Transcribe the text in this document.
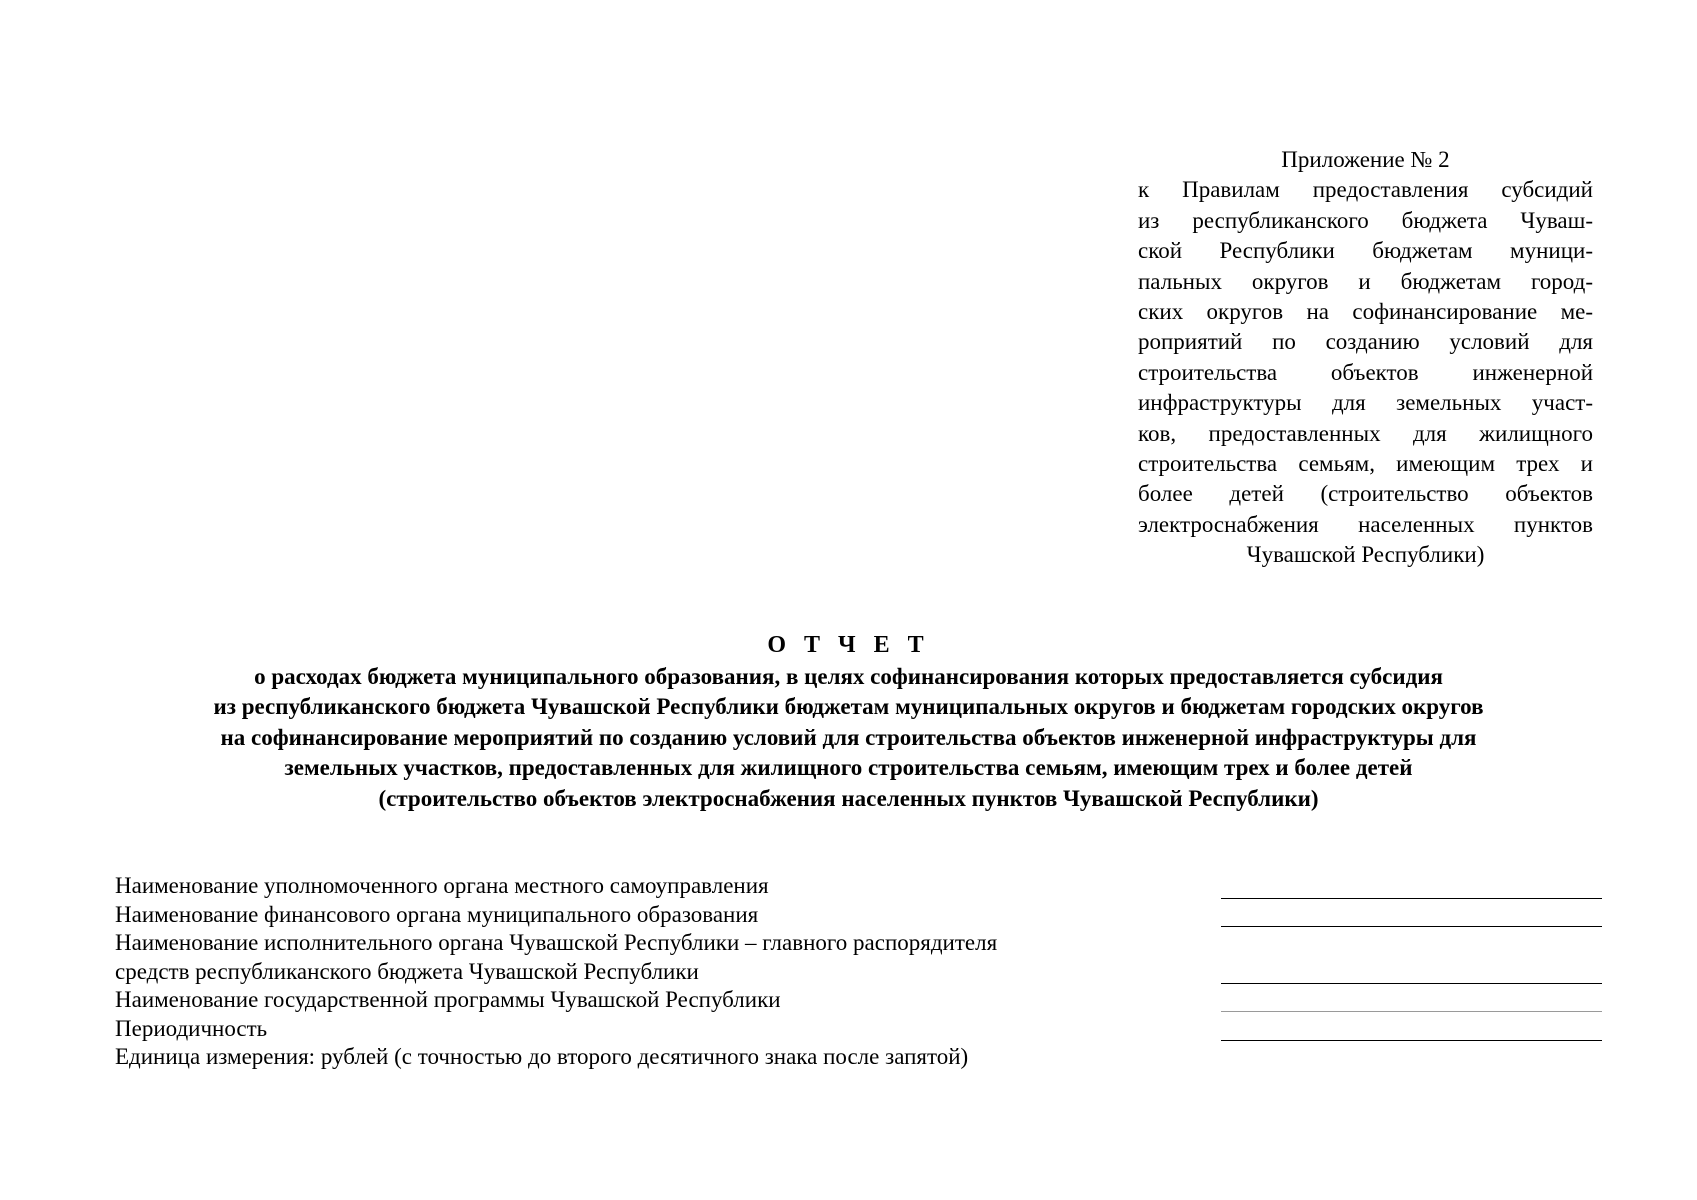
Приложение № 2
к Правилам предоставления субсидий
из республиканского бюджета Чуваш-
ской Республики бюджетам муници-
пальных округов и бюджетам город-
ских округов на софинансирование ме-
роприятий по созданию условий для
строительства объектов инженерной
инфраструктуры для земельных участ-
ков, предоставленных для жилищного
строительства семьям, имеющим трех и
более детей (строительство объектов
электроснабжения населенных пунктов
Чувашской Республики)
О Т Ч Е Т
о расходах бюджета муниципального образования, в целях софинансирования которых предоставляется субсидия
из республиканского бюджета Чувашской Республики бюджетам муниципальных округов и бюджетам городских округов
на софинансирование мероприятий по созданию условий для строительства объектов инженерной инфраструктуры для
земельных участков, предоставленных для жилищного строительства семьям, имеющим трех и более детей
(строительство объектов электроснабжения населенных пунктов Чувашской Республики)
Наименование уполномоченного органа местного самоуправления
Наименование финансового органа муниципального образования
Наименование исполнительного органа Чувашской Республики – главного распорядителя
средств республиканского бюджета Чувашской Республики
Наименование государственной программы Чувашской Республики
Периодичность
Единица измерения: рублей (с точностью до второго десятичного знака после запятой)
